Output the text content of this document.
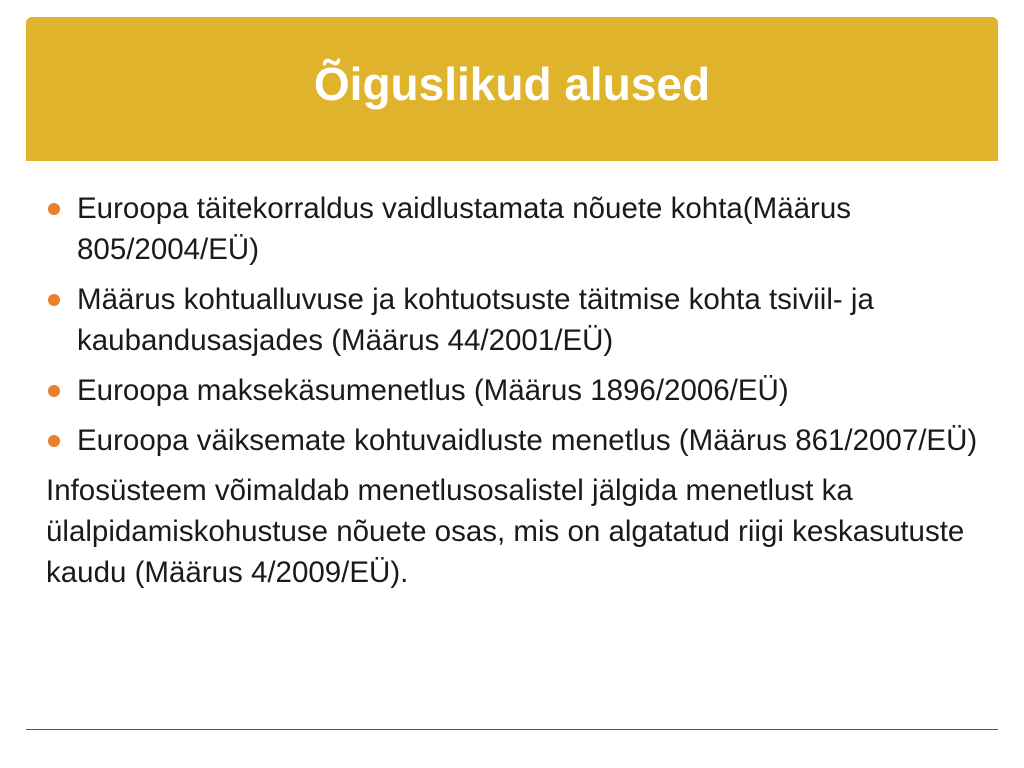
Õiguslikud alused
Euroopa täitekorraldus vaidlustamata nõuete kohta(Määrus 805/2004/EÜ)
Määrus kohtualluvuse ja kohtuotsuste täitmise kohta tsiviil- ja kaubandusasjades (Määrus 44/2001/EÜ)
Euroopa maksekäsumenetlus (Määrus 1896/2006/EÜ)
Euroopa väiksemate kohtuvaidluste menetlus (Määrus 861/2007/EÜ)

Infosüsteem võimaldab menetlusosalistel jälgida menetlust ka ülalpidamiskohustuse nõuete osas, mis on algatatud riigi keskasutuste kaudu (Määrus 4/2009/EÜ).
